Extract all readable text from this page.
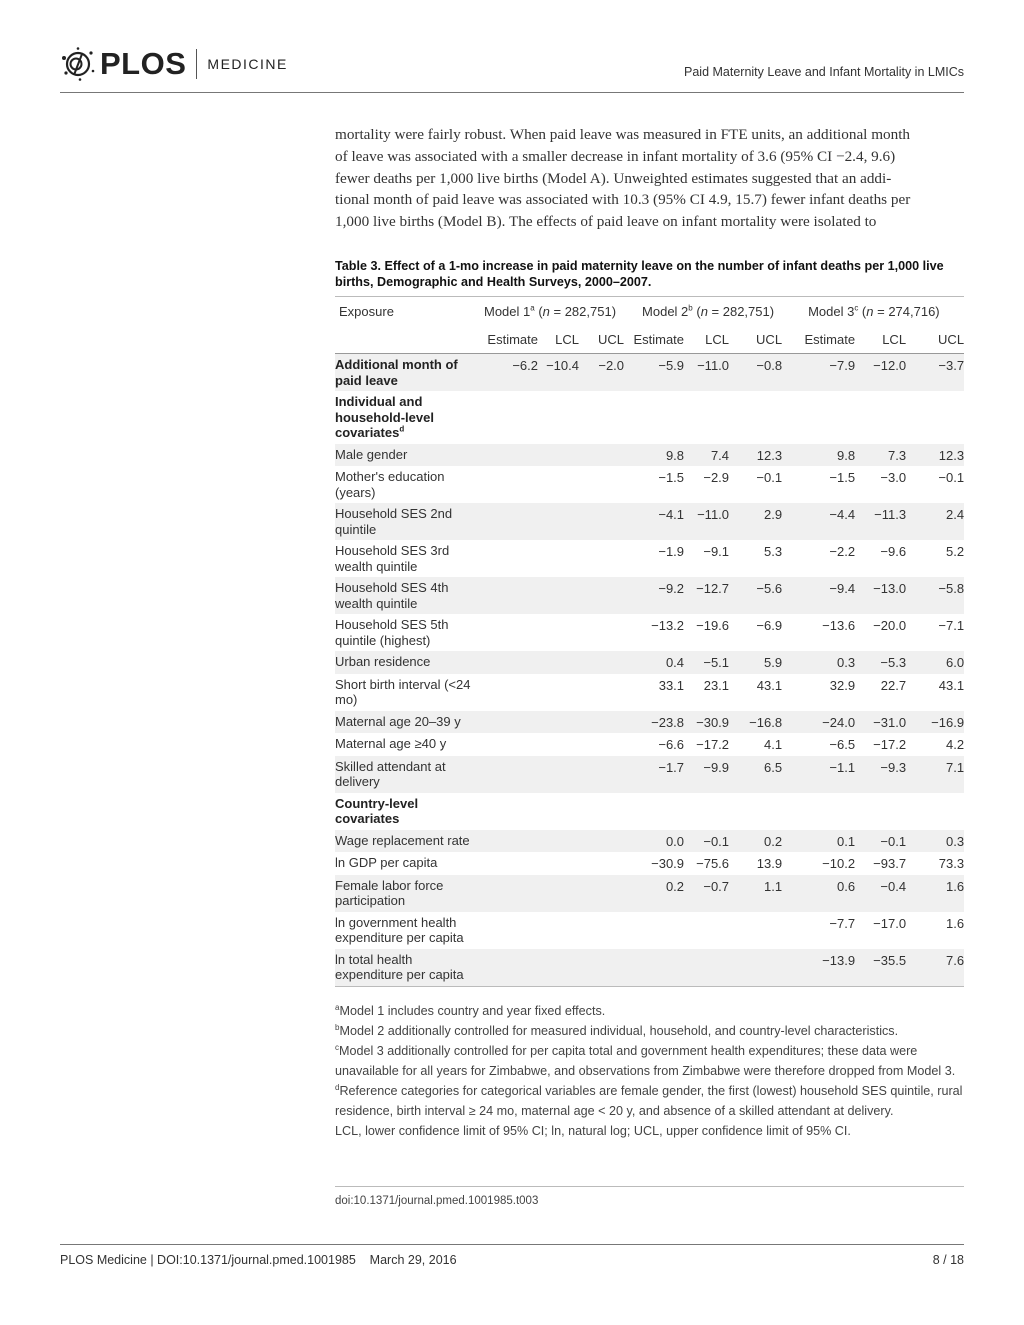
PLOS MEDICINE	Paid Maternity Leave and Infant Mortality in LMICs

mortality were fairly robust. When paid leave was measured in FTE units, an additional month

of leave was associated with a smaller decrease in infant mortality of 3.6 (95% CI −2.4, 9.6)

fewer deaths per 1,000 live births (Model A). Unweighted estimates suggested that an addi-

tional month of paid leave was associated with 10.3 (95% CI 4.9, 15.7) fewer infant deaths per

1,000 live births (Model B). The effects of paid leave on infant mortality were isolated to

Table 3. Effect of a 1-mo increase in paid maternity leave on the number of infant deaths per 1,000 live births, Demographic and Health Surveys, 2000–2007.
Exposure	Model 1$^a$ (n = 282,751)			Model 2$^b$ (n = 282,751)			Model 3$^c$ (n = 274,716)		
	Estimate	LCL	UCL	Estimate	LCL	UCL	Estimate	LCL	UCL
Additional month of paid leave	−6.2	−10.4	−2.0	−5.9	−11.0	−0.8	−7.9	−12.0	−3.7
Individual and household-level covariates$^d$									
Male gender				9.8	7.4	12.3	9.8	7.3	12.3
Mother's education (years)				−1.5	−2.9	−0.1	−1.5	−3.0	−0.1
Household SES 2nd quintile				−4.1	−11.0	2.9	−4.4	−11.3	2.4
Household SES 3rd wealth quintile				−1.9	−9.1	5.3	−2.2	−9.6	5.2
Household SES 4th wealth quintile				−9.2	−12.7	−5.6	−9.4	−13.0	−5.8
Household SES 5th quintile (highest)				−13.2	−19.6	−6.9	−13.6	−20.0	−7.1
Urban residence				0.4	−5.1	5.9	0.3	−5.3	6.0
Short birth interval (<24 mo)				33.1	23.1	43.1	32.9	22.7	43.1
Maternal age 20–39 y				−23.8	−30.9	−16.8	−24.0	−31.0	−16.9
Maternal age ≥40 y				−6.6	−17.2	4.1	−6.5	−17.2	4.2
Skilled attendant at delivery				−1.7	−9.9	6.5	−1.1	−9.3	7.1
Country-level covariates									
Wage replacement rate				0.0	−0.1	0.2	0.1	−0.1	0.3
ln GDP per capita				−30.9	−75.6	13.9	−10.2	−93.7	73.3
Female labor force participation				0.2	−0.7	1.1	0.6	−0.4	1.6
ln government health expenditure per capita							−7.7	−17.0	1.6
ln total health expenditure per capita							−13.9	−35.5	7.6

$^a$Model 1 includes country and year fixed effects.

$^b$Model 2 additionally controlled for measured individual, household, and country-level characteristics.

$^c$Model 3 additionally controlled for per capita total and government health expenditures; these data were unavailable for all years for Zimbabwe, and observations from Zimbabwe were therefore dropped from Model 3.

$^d$Reference categories for categorical variables are female gender, the first (lowest) household SES quintile, rural residence, birth interval ≥ 24 mo, maternal age < 20 y, and absence of a skilled attendant at delivery.

LCL, lower confidence limit of 95% CI; ln, natural log; UCL, upper confidence limit of 95% CI.

doi:10.1371/journal.pmed.1001985.t003
PLOS Medicine | DOI:10.1371/journal.pmed.1001985    March 29, 2016	8 / 18
